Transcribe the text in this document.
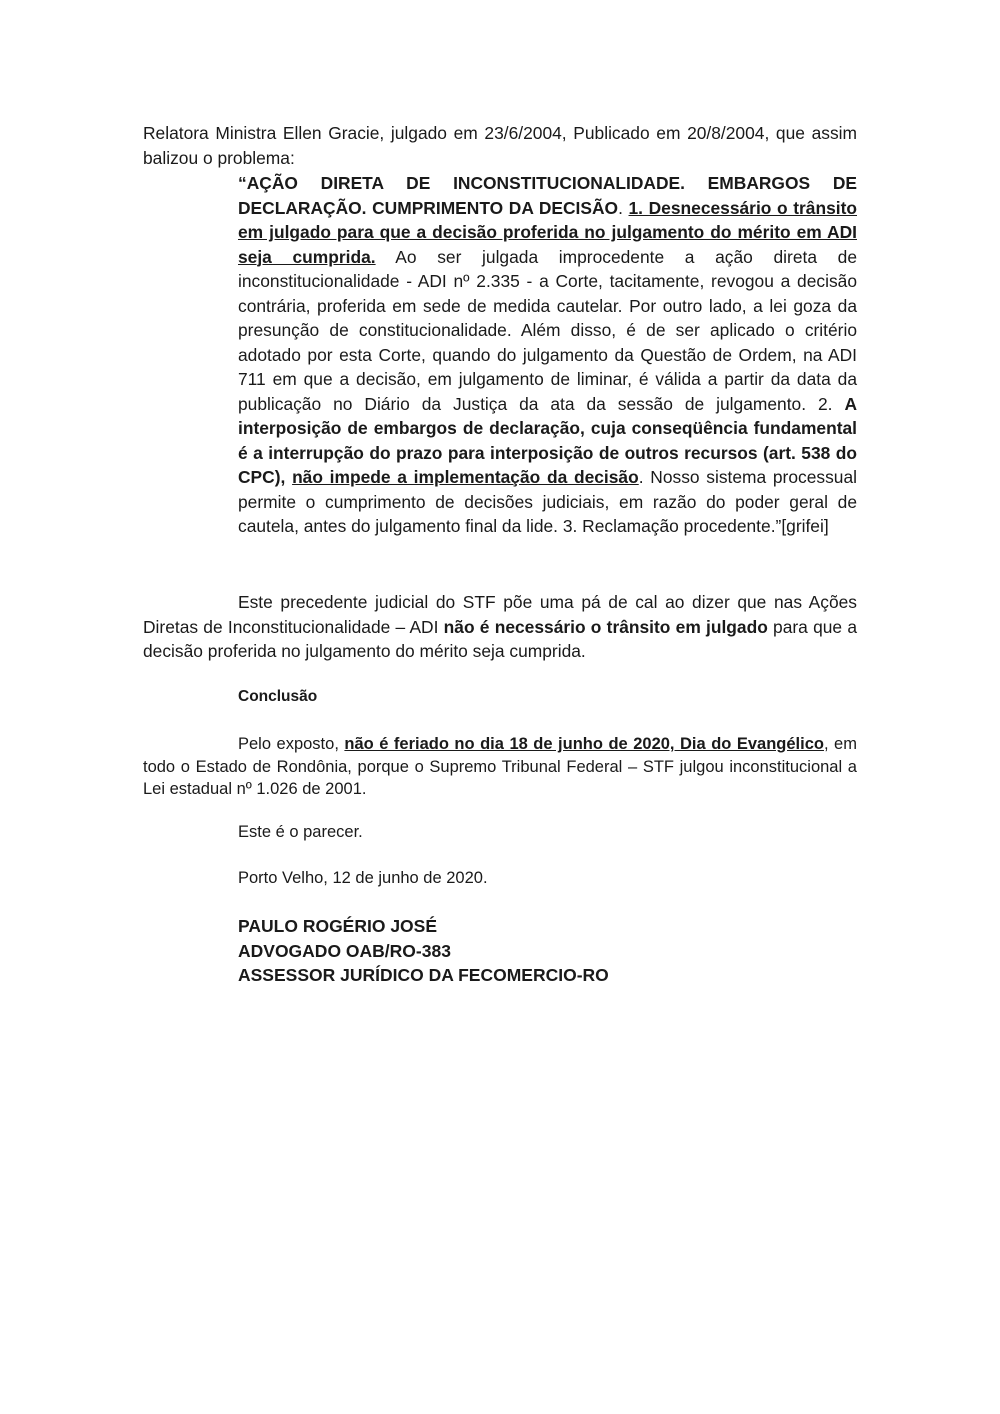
Relatora Ministra Ellen Gracie, julgado em 23/6/2004, Publicado em 20/8/2004, que assim balizou o problema:

“AÇÃO DIRETA DE INCONSTITUCIONALIDADE. EMBARGOS DE DECLARAÇÃO. CUMPRIMENTO DA DECISÃO. 1. Desnecessário o trânsito em julgado para que a decisão proferida no julgamento do mérito em ADI seja cumprida. Ao ser julgada improcedente a ação direta de inconstitucionalidade - ADI nº 2.335 - a Corte, tacitamente, revogou a decisão contrária, proferida em sede de medida cautelar. Por outro lado, a lei goza da presunção de constitucionalidade. Além disso, é de ser aplicado o critério adotado por esta Corte, quando do julgamento da Questão de Ordem, na ADI 711 em que a decisão, em julgamento de liminar, é válida a partir da data da publicação no Diário da Justiça da ata da sessão de julgamento. 2. A interposição de embargos de declaração, cuja conseqüência fundamental é a interrupção do prazo para interposição de outros recursos (art. 538 do CPC), não impede a implementação da decisão. Nosso sistema processual permite o cumprimento de decisões judiciais, em razão do poder geral de cautela, antes do julgamento final da lide. 3. Reclamação procedente.”[grifei]

Este precedente judicial do STF põe uma pá de cal ao dizer que nas Ações Diretas de Inconstitucionalidade – ADI não é necessário o trânsito em julgado para que a decisão proferida no julgamento do mérito seja cumprida.

Conclusão

Pelo exposto, não é feriado no dia 18 de junho de 2020, Dia do Evangélico, em todo o Estado de Rondônia, porque o Supremo Tribunal Federal – STF julgou inconstitucional a Lei estadual nº 1.026 de 2001.

Este é o parecer.

Porto Velho, 12 de junho de 2020.

PAULO ROGÉRIO JOSÉ
ADVOGADO OAB/RO-383
ASSESSOR JURÍDICO DA FECOMERCIO-RO
